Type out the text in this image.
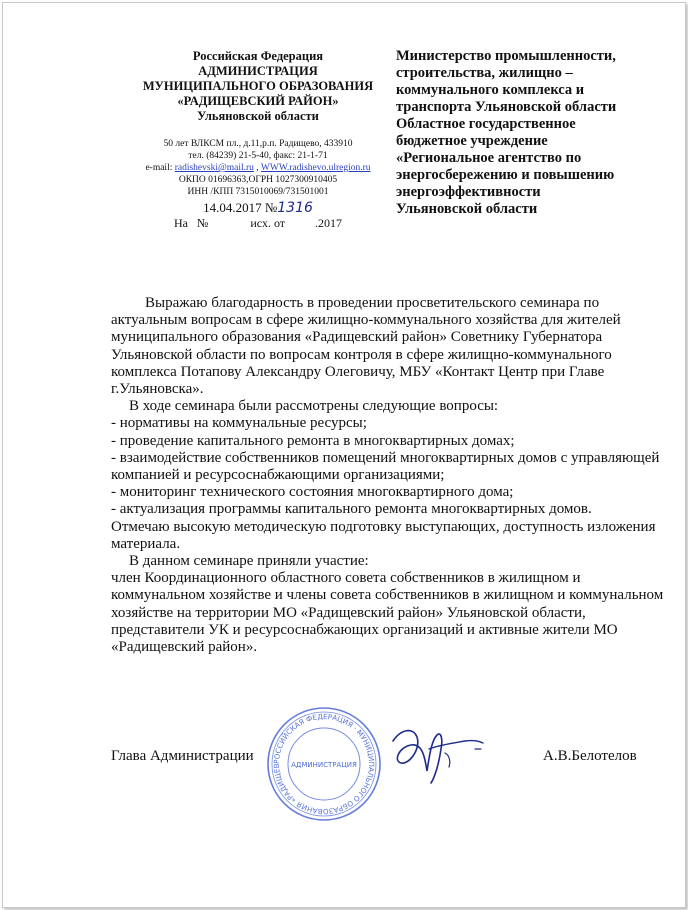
Российская Федерация
АДМИНИСТРАЦИЯ
МУНИЦИПАЛЬНОГО ОБРАЗОВАНИЯ
«РАДИЩЕВСКИЙ РАЙОН»
Ульяновской области
50 лет ВЛКСМ пл., д.11,р.п. Радищево, 433910
тел. (84239) 21-5-40, факс: 21-1-71
e-mail: radishevski@mail.ru , WWW.radishevo.ulregion.ru
ОКПО 01696363,ОГРН 1027300910405
ИНН /КПП 7315010069/731501001
14.04.2017 №1316
На   №              исх. от          .2017
Министерство промышленности,
строительства, жилищно –
коммунального комплекса и
транспорта Ульяновской области
Областное государственное
бюджетное учреждение
«Региональное агентство по
энергосбережению и повышению
энергоэффективности
Ульяновской области

Выражаю благодарность в проведении просветительского семинара по актуальным вопросам в сфере жилищно-коммунального хозяйства для жителей муниципального образования «Радищевский район» Советнику Губернатора Ульяновской области по вопросам контроля в сфере жилищно-коммунального комплекса Потапову Александру Олеговичу, МБУ «Контакт Центр при Главе г.Ульяновска».

В ходе семинара были рассмотрены следующие вопросы:

- нормативы на коммунальные ресурсы;

- проведение капитального ремонта в многоквартирных домах;

- взаимодействие собственников помещений многоквартирных домов с управляющей компанией и ресурсоснабжающими организациями;

- мониторинг технического состояния многоквартирного дома;

- актуализация программы капитального ремонта многоквартирных домов.

Отмечаю высокую методическую подготовку выступающих, доступность изложения материала.

В данном семинаре приняли участие:

член Координационного областного совета собственников в жилищном и коммунальном хозяйстве и члены совета собственников в жилищном и коммунальном хозяйстве на территории МО «Радищевский район» Ульяновской области, представители УК и ресурсоснабжающих организаций и активные жители МО «Радищевский район».

РОССИЙСКАЯ ФЕДЕРАЦИЯ · МУНИЦИПАЛЬНОГО ОБРАЗОВАНИЯ «РАДИЩЕВ	АДМИНИСТРАЦИЯ
Глава Администрации	А.В.Белотелов
